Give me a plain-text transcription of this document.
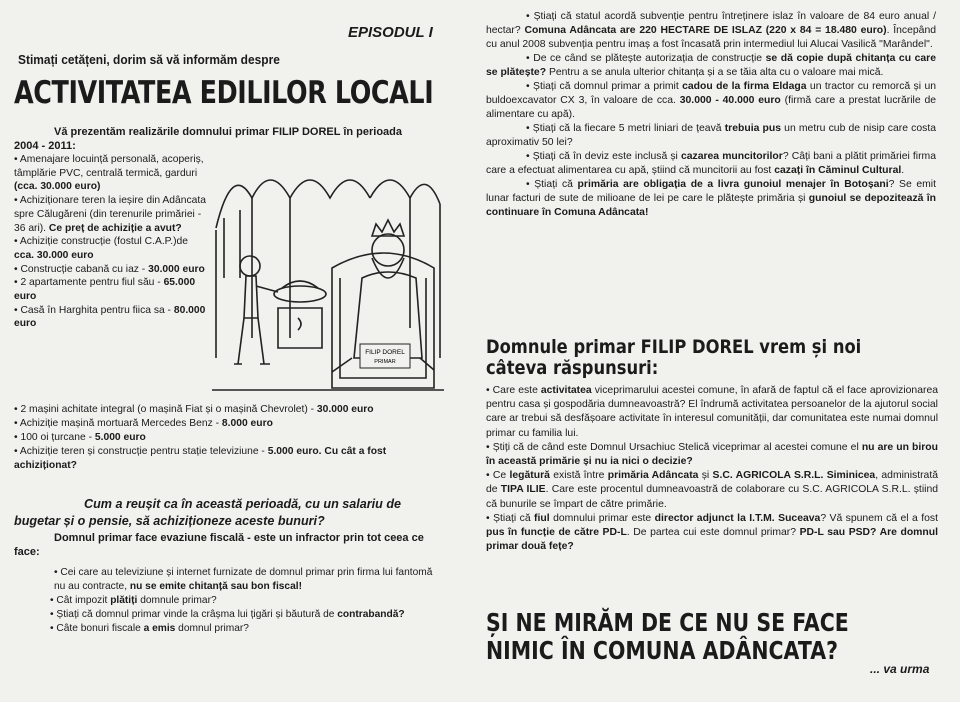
EPISODUL I
Stimați cetățeni, dorim să vă informăm despre
ACTIVITATEA EDILILOR LOCALI
Vă prezentăm realizările domnului primar FILIP DOREL în perioada
2004 - 2011:

• Amenajare locuință personală, acoperiș, tâmplărie PVC, centrală termică, garduri (cca. 30.000 euro)

• Achiziționare teren la ieșire din Adâncata spre Călugăreni (din terenurile primăriei - 36 ari). Ce preț de achiziție a avut?

• Achiziție construcție (fostul C.A.P.)de cca. 30.000 euro

• Construcție cabană cu iaz - 30.000 euro

• 2 apartamente pentru fiul său - 65.000 euro

• Casă în Harghita pentru fiica sa - 80.000 euro

• 2 mașini achitate integral (o mașină Fiat și o mașină Chevrolet) - 30.000 euro

• Achiziție mașină mortuară Mercedes Benz - 8.000 euro

• 100 oi țurcane - 5.000 euro

• Achiziție teren și construcție pentru stație televiziune - 5.000 euro. Cu cât a fost achiziționat?

Cum a reușit ca în această perioadă, cu un salariu de bugetar și o pensie, să achiziționeze aceste bunuri?
Domnul primar face evaziune fiscală - este un infractor prin tot ceea ce face:

• Cei care au televiziune și internet furnizate de domnul primar prin firma lui fantomă nu au contracte, nu se emite chitanță sau bon fiscal!

• Cât impozit plătiți domnule primar?

• Știați că domnul primar vinde la crâșma lui țigări și băutură de contrabandă?

• Câte bonuri fiscale a emis domnul primar?

FILIP DOREL
PRIMAR

• Știați că statul acordă subvenție pentru întreținere islaz în valoare de 84 euro anual / hectar? Comuna Adâncata are 220 HECTARE DE ISLAZ (220 x 84 = 18.480 euro). Începând cu anul 2008 subvenția pentru imaș a fost încasată prin intermediul lui Alucai Vasilică "Marândel".

• De ce când se plătește autorizația de construcție se dă copie după chitanța cu care se plătește? Pentru a se anula ulterior chitanța și a se tăia alta cu o valoare mai mică.

• Știați că domnul primar a primit cadou de la firma Eldaga un tractor cu remorcă și un buldoexcavator CX 3, în valoare de cca. 30.000 - 40.000 euro (firmă care a prestat lucrările de alimentare cu apă).

• Știați că la fiecare 5 metri liniari de țeavă trebuia pus un metru cub de nisip care costa aproximativ 50 lei?

• Știați că în deviz este inclusă și cazarea muncitorilor? Câți bani a plătit primăriei firma care a efectuat alimentarea cu apă, știind că muncitorii au fost cazați în Căminul Cultural.

• Știați că primăria are obligația de a livra gunoiul menajer în Botoșani? Se emit lunar facturi de sute de milioane de lei pe care le plătește primăria și gunoiul se depozitează în continuare în Comuna Adâncata!

Domnule primar FILIP DOREL vrem și noi câteva răspunsuri:

• Care este activitatea viceprimarului acestei comune, în afară de faptul că el face aprovizionarea pentru casa și gospodăria dumneavoastră? El îndrumă activitatea persoanelor de la ajutorul social care ar trebui să desfășoare activitate în interesul comunității, dar comunitatea este numai domnul primar cu familia lui.

• Știți că de când este Domnul Ursachiuc Stelică viceprimar al acestei comune el nu are un birou în această primărie și nu ia nici o decizie?

• Ce legătură există între primăria Adâncata și S.C. AGRICOLA S.R.L. Siminicea, administrată de TIPA ILIE. Care este procentul dumneavoastră de colaborare cu S.C. AGRICOLA S.R.L. știind că bunurile se împart de către primărie.

• Știați că fiul domnului primar este director adjunct la I.T.M. Suceava? Vă spunem că el a fost pus în funcție de către PD-L. De partea cui este domnul primar? PD-L sau PSD? Are domnul primar două fețe?

ȘI NE MIRĂM DE CE NU SE FACE NIMIC ÎN COMUNA ADÂNCATA?
... va urma
